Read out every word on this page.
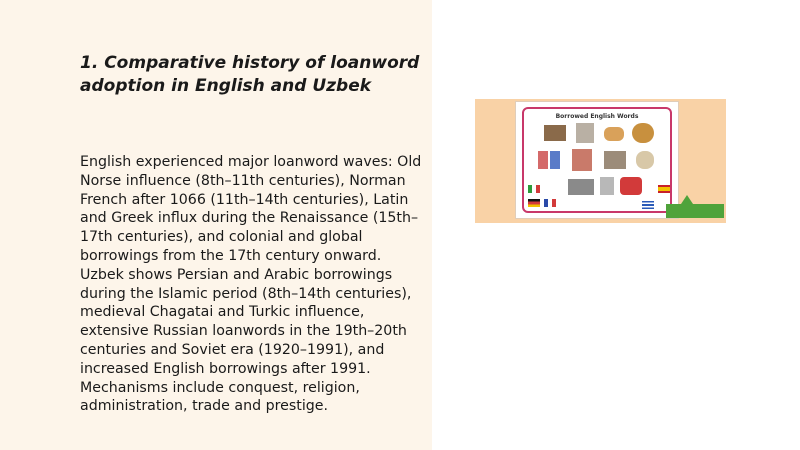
1. Comparative history of loanword adoption in English and Uzbek

English experienced major loanword waves: Old Norse influence (8th–11th centuries), Norman French after 1066 (11th–14th centuries), Latin and Greek influx during the Renaissance (15th–17th centuries), and colonial and global borrowings from the 17th century onward. Uzbek shows Persian and Arabic borrowings during the Islamic period (8th–14th centuries), medieval Chagatai and Turkic influence, extensive Russian loanwords in the 19th–20th centuries and Soviet era (1920–1991), and increased English borrowings after 1991. Mechanisms include conquest, religion, administration, trade and prestige.

Borrowed English Words
